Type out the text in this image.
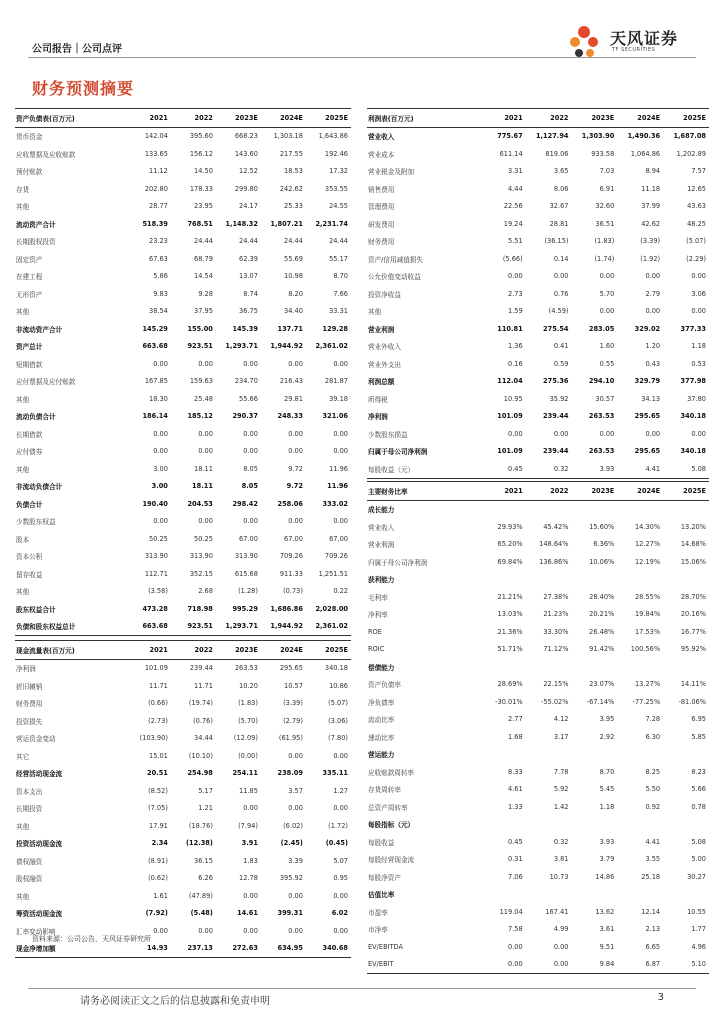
公司报告｜公司点评
天风证券
TF SECURITIES
财务预测摘要
资产负债表(百万元)	2021	2022	2023E	2024E	2025E
货币资金	142.04	395.60	668.23	1,303.18	1,643.86
应收票据及应收账款	133.65	156.12	143.60	217.55	192.46
预付账款	11.12	14.50	12.52	18.53	17.32
存货	202.80	178.33	299.80	242.62	353.55
其他	28.77	23.95	24.17	25.33	24.55
流动资产合计	518.39	768.51	1,148.32	1,807.21	2,231.74
长期股权投资	23.23	24.44	24.44	24.44	24.44
固定资产	67.63	68.79	62.39	55.69	55.17
在建工程	5.86	14.54	13.07	10.98	8.70
无形资产	9.83	9.28	8.74	8.20	7.66
其他	38.54	37.95	36.75	34.40	33.31
非流动资产合计	145.29	155.00	145.39	137.71	129.28
资产总计	663.68	923.51	1,293.71	1,944.92	2,361.02
短期借款	0.00	0.00	0.00	0.00	0.00
应付票据及应付账款	167.85	159.63	234.70	216.43	281.87
其他	18.30	25.48	55.66	29.81	39.18
流动负债合计	186.14	185.12	290.37	248.33	321.06
长期借款	0.00	0.00	0.00	0.00	0.00
应付债券	0.00	0.00	0.00	0.00	0.00
其他	3.00	18.11	8.05	9.72	11.96
非流动负债合计	3.00	18.11	8.05	9.72	11.96
负债合计	190.40	204.53	298.42	258.06	333.02
少数股东权益	0.00	0.00	0.00	0.00	0.00
股本	50.25	50.25	67.00	67.00	67.00
资本公积	313.90	313.90	313.90	709.26	709.26
留存收益	112.71	352.15	615.68	911.33	1,251.51
其他	(3.58)	2.68	(1.28)	(0.73)	0.22
股东权益合计	473.28	718.98	995.29	1,686.86	2,028.00
负债和股东权益总计	663.68	923.51	1,293.71	1,944.92	2,361.02
利润表(百万元)	2021	2022	2023E	2024E	2025E
营业收入	775.67	1,127.94	1,303.90	1,490.36	1,687.08
营业成本	611.14	819.06	933.58	1,064.86	1,202.89
营业税金及附加	3.31	3.65	7.03	8.94	7.57
销售费用	4.44	8.06	6.91	11.18	12.65
管理费用	22.56	32.67	32.60	37.99	43.63
研发费用	19.24	28.81	36.51	42.62	48.25
财务费用	5.51	(36.15)	(1.83)	(3.39)	(5.07)
资产/信用减值损失	(5.66)	0.14	(1.74)	(1.92)	(2.29)
公允价值变动收益	0.00	0.00	0.00	0.00	0.00
投资净收益	2.73	0.76	5.70	2.79	3.06
其他	1.59	(4.59)	0.00	0.00	0.00
营业利润	110.81	275.54	283.05	329.02	377.33
营业外收入	1.36	0.41	1.60	1.20	1.18
营业外支出	0.16	0.59	0.55	0.43	0.53
利润总额	112.04	275.36	294.10	329.79	377.98
所得税	10.95	35.92	30.57	34.13	37.80
净利润	101.09	239.44	263.53	295.65	340.18
少数股东损益	0.00	0.00	0.00	0.00	0.00
归属于母公司净利润	101.09	239.44	263.53	295.65	340.18
每股收益（元）	0.45	0.32	3.93	4.41	5.08
主要财务比率	2021	2022	2023E	2024E	2025E
成长能力					
营业收入	29.93%	45.42%	15.60%	14.30%	13.20%
营业利润	65.20%	148.64%	6.36%	12.27%	14.68%
归属于母公司净利润	69.84%	136.86%	10.06%	12.19%	15.06%
获利能力					
毛利率	21.21%	27.38%	28.40%	28.55%	28.70%
净利率	13.03%	21.23%	20.21%	19.84%	20.16%
ROE	21.36%	33.30%	26.48%	17.53%	16.77%
ROIC	51.71%	71.12%	91.42%	100.56%	95.92%
偿债能力					
资产负债率	28.69%	22.15%	23.07%	13.27%	14.11%
净负债率	-30.01%	-55.02%	-67.14%	-77.25%	-81.06%
流动比率	2.77	4.12	3.95	7.28	6.95
速动比率	1.68	3.17	2.92	6.30	5.85
营运能力					
应收账款周转率	8.33	7.78	8.70	8.25	8.23
存货周转率	4.61	5.92	5.45	5.50	5.66
总资产周转率	1.33	1.42	1.18	0.92	0.78
每股指标（元）					
每股收益	0.45	0.32	3.93	4.41	5.08
每股经营现金流	0.31	3.81	3.79	3.55	5.00
每股净资产	7.06	10.73	14.86	25.18	30.27
估值比率					
市盈率	119.04	167.41	13.62	12.14	10.55
市净率	7.58	4.99	3.61	2.13	1.77
EV/EBITDA	0.00	0.00	9.51	6.65	4.96
EV/EBIT	0.00	0.00	9.84	6.87	5.10
现金流量表(百万元)	2021	2022	2023E	2024E	2025E
净利润	101.09	239.44	263.53	295.65	340.18
折旧摊销	11.71	11.71	10.20	10.57	10.86
财务费用	(0.66)	(19.74)	(1.83)	(3.39)	(5.07)
投资损失	(2.73)	(0.76)	(5.70)	(2.79)	(3.06)
营运资金变动	(103.90)	34.44	(12.09)	(61.95)	(7.80)
其它	15.01	(10.10)	(0.00)	0.00	0.00
经营活动现金流	20.51	254.98	254.11	238.09	335.11
资本支出	(8.52)	5.17	11.85	3.57	1.27
长期投资	(7.05)	1.21	0.00	0.00	0.00
其他	17.91	(18.76)	(7.94)	(6.02)	(1.72)
投资活动现金流	2.34	(12.38)	3.91	(2.45)	(0.45)
债权融资	(8.91)	36.15	1.83	3.39	5.07
股权融资	(0.62)	6.26	12.78	395.92	0.95
其他	1.61	(47.89)	0.00	0.00	0.00
筹资活动现金流	(7.92)	(5.48)	14.61	399.31	6.02
汇率变动影响	0.00	0.00	0.00	0.00	0.00
现金净增加额	14.93	237.13	272.63	634.95	340.68
资料来源：公司公告，天风证券研究所
请务必阅读正文之后的信息披露和免责申明	3
